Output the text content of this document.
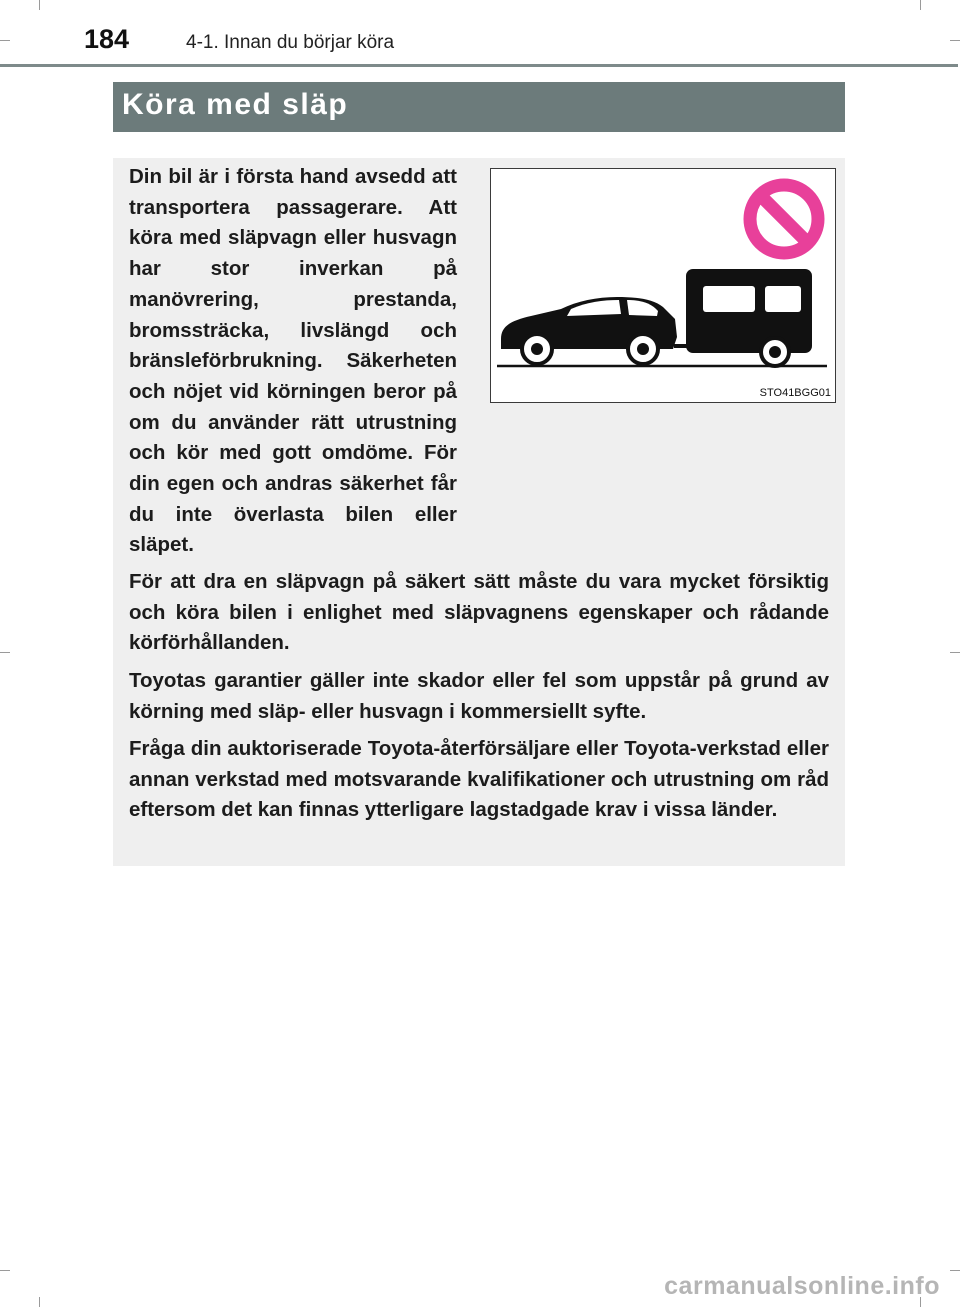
184	4-1. Innan du börjar köra
Köra med släp

Din bil är i första hand avsedd att transportera passagerare. Att köra med släpvagn eller husvagn har stor inverkan på manövrering, prestanda, bromssträcka, livslängd och bränsleförbrukning. Säkerheten och nöjet vid körningen beror på om du använder rätt utrustning och kör med gott omdöme. För din egen och andras säkerhet får du inte överlasta bilen eller släpet.

STO41BGG01

För att dra en släpvagn på säkert sätt måste du vara mycket försiktig och köra bilen i enlighet med släpvagnens egenskaper och rådande körförhållanden.

Toyotas garantier gäller inte skador eller fel som uppstår på grund av körning med släp- eller husvagn i kommersiellt syfte.

Fråga din auktoriserade Toyota-återförsäljare eller Toyota-verkstad eller annan verkstad med motsvarande kvalifikationer och utrustning om råd eftersom det kan finnas ytterligare lagstadgade krav i vissa länder.

carmanualsonline.info
